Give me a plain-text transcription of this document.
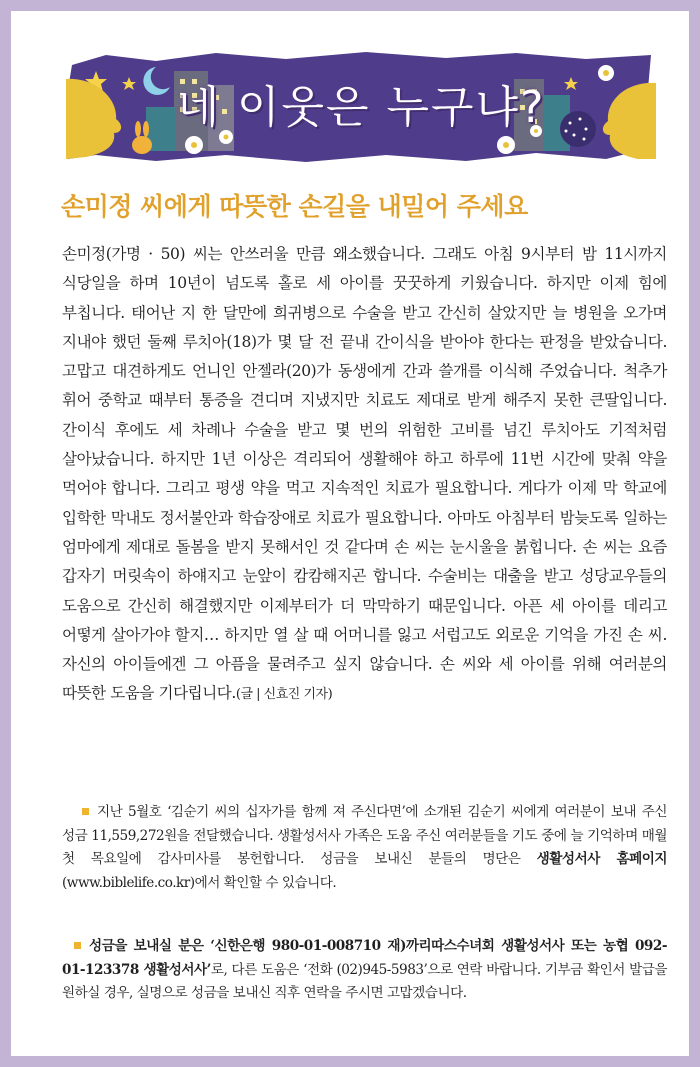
네 이웃은 누구냐?
손미정 씨에게 따뜻한 손길을 내밀어 주세요
손미정(가명 · 50) 씨는 안쓰러울 만큼 왜소했습니다. 그래도 아침 9시부터 밤 11시까지 식당일을 하며 10년이 넘도록 홀로 세 아이를 꿋꿋하게 키웠습니다. 하지만 이제 힘에 부칩니다. 태어난 지 한 달만에 희귀병으로 수술을 받고 간신히 살았지만 늘 병원을 오가며 지내야 했던 둘째 루치아(18)가 몇 달 전 끝내 간이식을 받아야 한다는 판정을 받았습니다. 고맙고 대견하게도 언니인 안젤라(20)가 동생에게 간과 쓸개를 이식해 주었습니다. 척추가 휘어 중학교 때부터 통증을 견디며 지냈지만 치료도 제대로 받게 해주지 못한 큰딸입니다. 간이식 후에도 세 차례나 수술을 받고 몇 번의 위험한 고비를 넘긴 루치아도 기적처럼 살아났습니다. 하지만 1년 이상은 격리되어 생활해야 하고 하루에 11번 시간에 맞춰 약을 먹어야 합니다. 그리고 평생 약을 먹고 지속적인 치료가 필요합니다. 게다가 이제 막 학교에 입학한 막내도 정서불안과 학습장애로 치료가 필요합니다. 아마도 아침부터 밤늦도록 일하는 엄마에게 제대로 돌봄을 받지 못해서인 것 같다며 손 씨는 눈시울을 붉힙니다. 손 씨는 요즘 갑자기 머릿속이 하얘지고 눈앞이 캄캄해지곤 합니다. 수술비는 대출을 받고 성당교우들의 도움으로 간신히 해결했지만 이제부터가 더 막막하기 때문입니다. 아픈 세 아이를 데리고 어떻게 살아가야 할지… 하지만 열 살 때 어머니를 잃고 서럽고도 외로운 기억을 가진 손 씨. 자신의 아이들에겐 그 아픔을 물려주고 싶지 않습니다. 손 씨와 세 아이를 위해 여러분의 따뜻한 도움을 기다립니다.(글 | 신효진 기자)
지난 5월호 ‘김순기 씨의 십자가를 함께 져 주신다면’에 소개된 김순기 씨에게 여러분이 보내 주신 성금 11,559,272원을 전달했습니다. 생활성서사 가족은 도움 주신 여러분들을 기도 중에 늘 기억하며 매월 첫 목요일에 감사미사를 봉헌합니다. 성금을 보내신 분들의 명단은 생활성서사 홈페이지(www.biblelife.co.kr)에서 확인할 수 있습니다.
성금을 보내실 분은 ‘신한은행 980-01-008710 재)까리따스수녀회 생활성서사 또는 농협 092-01-123378 생활성서사’로, 다른 도움은 ‘전화 (02)945-5983’으로 연락 바랍니다. 기부금 확인서 발급을 원하실 경우, 실명으로 성금을 보내신 직후 연락을 주시면 고맙겠습니다.
